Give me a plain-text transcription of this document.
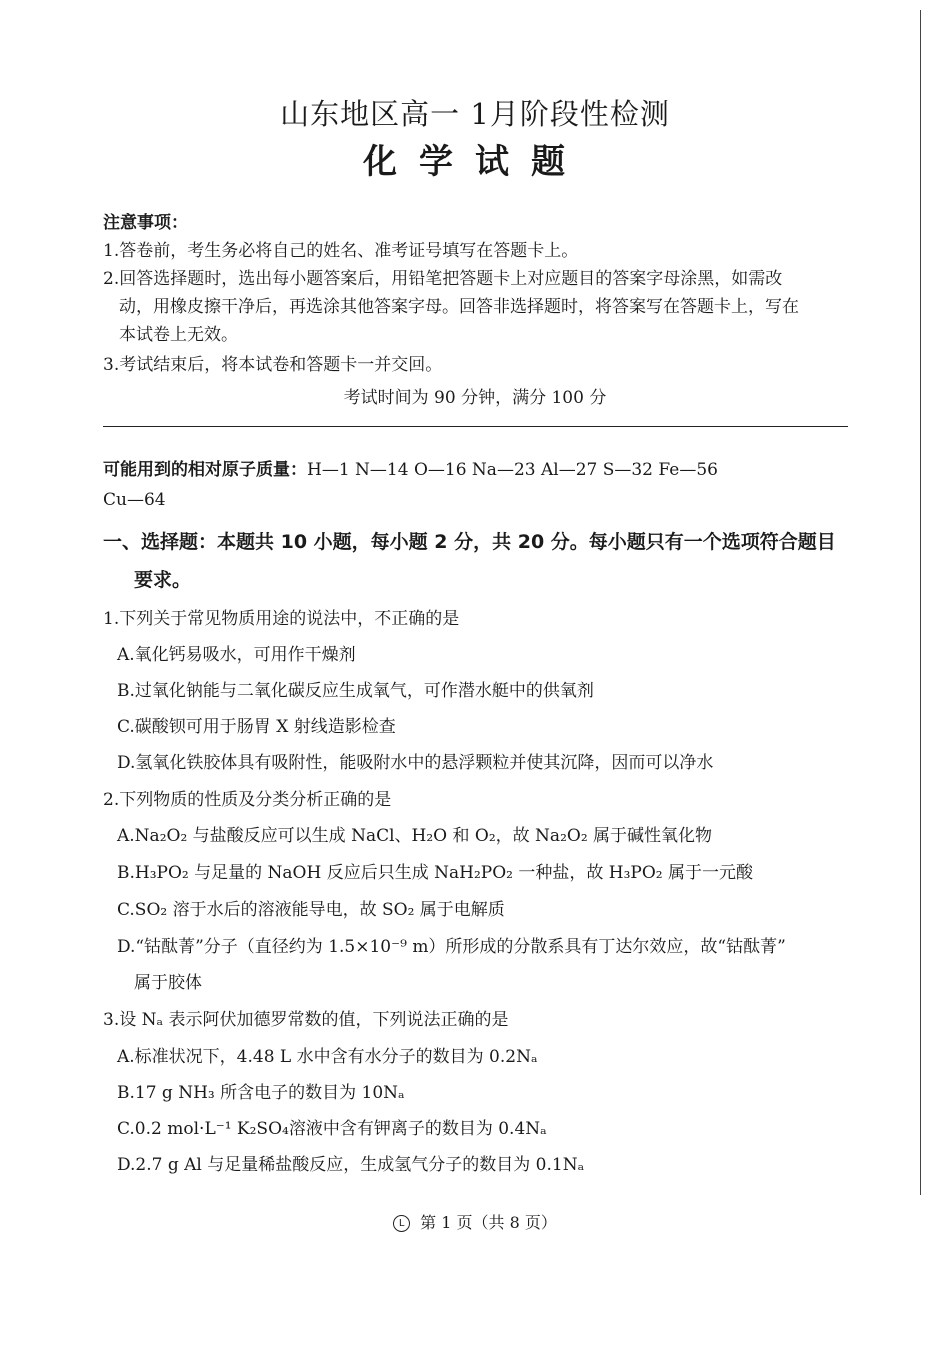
山东地区高一 1月阶段性检测
化学试题
注意事项：
1.答卷前，考生务必将自己的姓名、准考证号填写在答题卡上。
2.回答选择题时，选出每小题答案后，用铅笔把答题卡上对应题目的答案字母涂黑，如需改
动，用橡皮擦干净后，再选涂其他答案字母。回答非选择题时，将答案写在答题卡上，写在
本试卷上无效。
3.考试结束后，将本试卷和答题卡一并交回。
考试时间为 90 分钟，满分 100 分
可能用到的相对原子质量：H—1 N—14 O—16 Na—23 Al—27 S—32 Fe—56
Cu—64
一、选择题：本题共 10 小题，每小题 2 分，共 20 分。每小题只有一个选项符合题目
要求。
1.下列关于常见物质用途的说法中，不正确的是
A.氧化钙易吸水，可用作干燥剂
B.过氧化钠能与二氧化碳反应生成氧气，可作潜水艇中的供氧剂
C.碳酸钡可用于肠胃 X 射线造影检查
D.氢氧化铁胶体具有吸附性，能吸附水中的悬浮颗粒并使其沉降，因而可以净水
2.下列物质的性质及分类分析正确的是
A.Na₂O₂ 与盐酸反应可以生成 NaCl、H₂O 和 O₂，故 Na₂O₂ 属于碱性氧化物
B.H₃PO₂ 与足量的 NaOH 反应后只生成 NaH₂PO₂ 一种盐，故 H₃PO₂ 属于一元酸
C.SO₂ 溶于水后的溶液能导电，故 SO₂ 属于电解质
D.“钴酞菁”分子（直径约为 1.5×10⁻⁹ m）所形成的分散系具有丁达尔效应，故“钴酞菁”
属于胶体
3.设 Nₐ 表示阿伏加德罗常数的值，下列说法正确的是
A.标准状况下，4.48 L 水中含有水分子的数目为 0.2Nₐ
B.17 g NH₃ 所含电子的数目为 10Nₐ
C.0.2 mol·L⁻¹ K₂SO₄溶液中含有钾离子的数目为 0.4Nₐ
D.2.7 g Al 与足量稀盐酸反应，生成氢气分子的数目为 0.1Nₐ
L 第 1 页（共 8 页）
